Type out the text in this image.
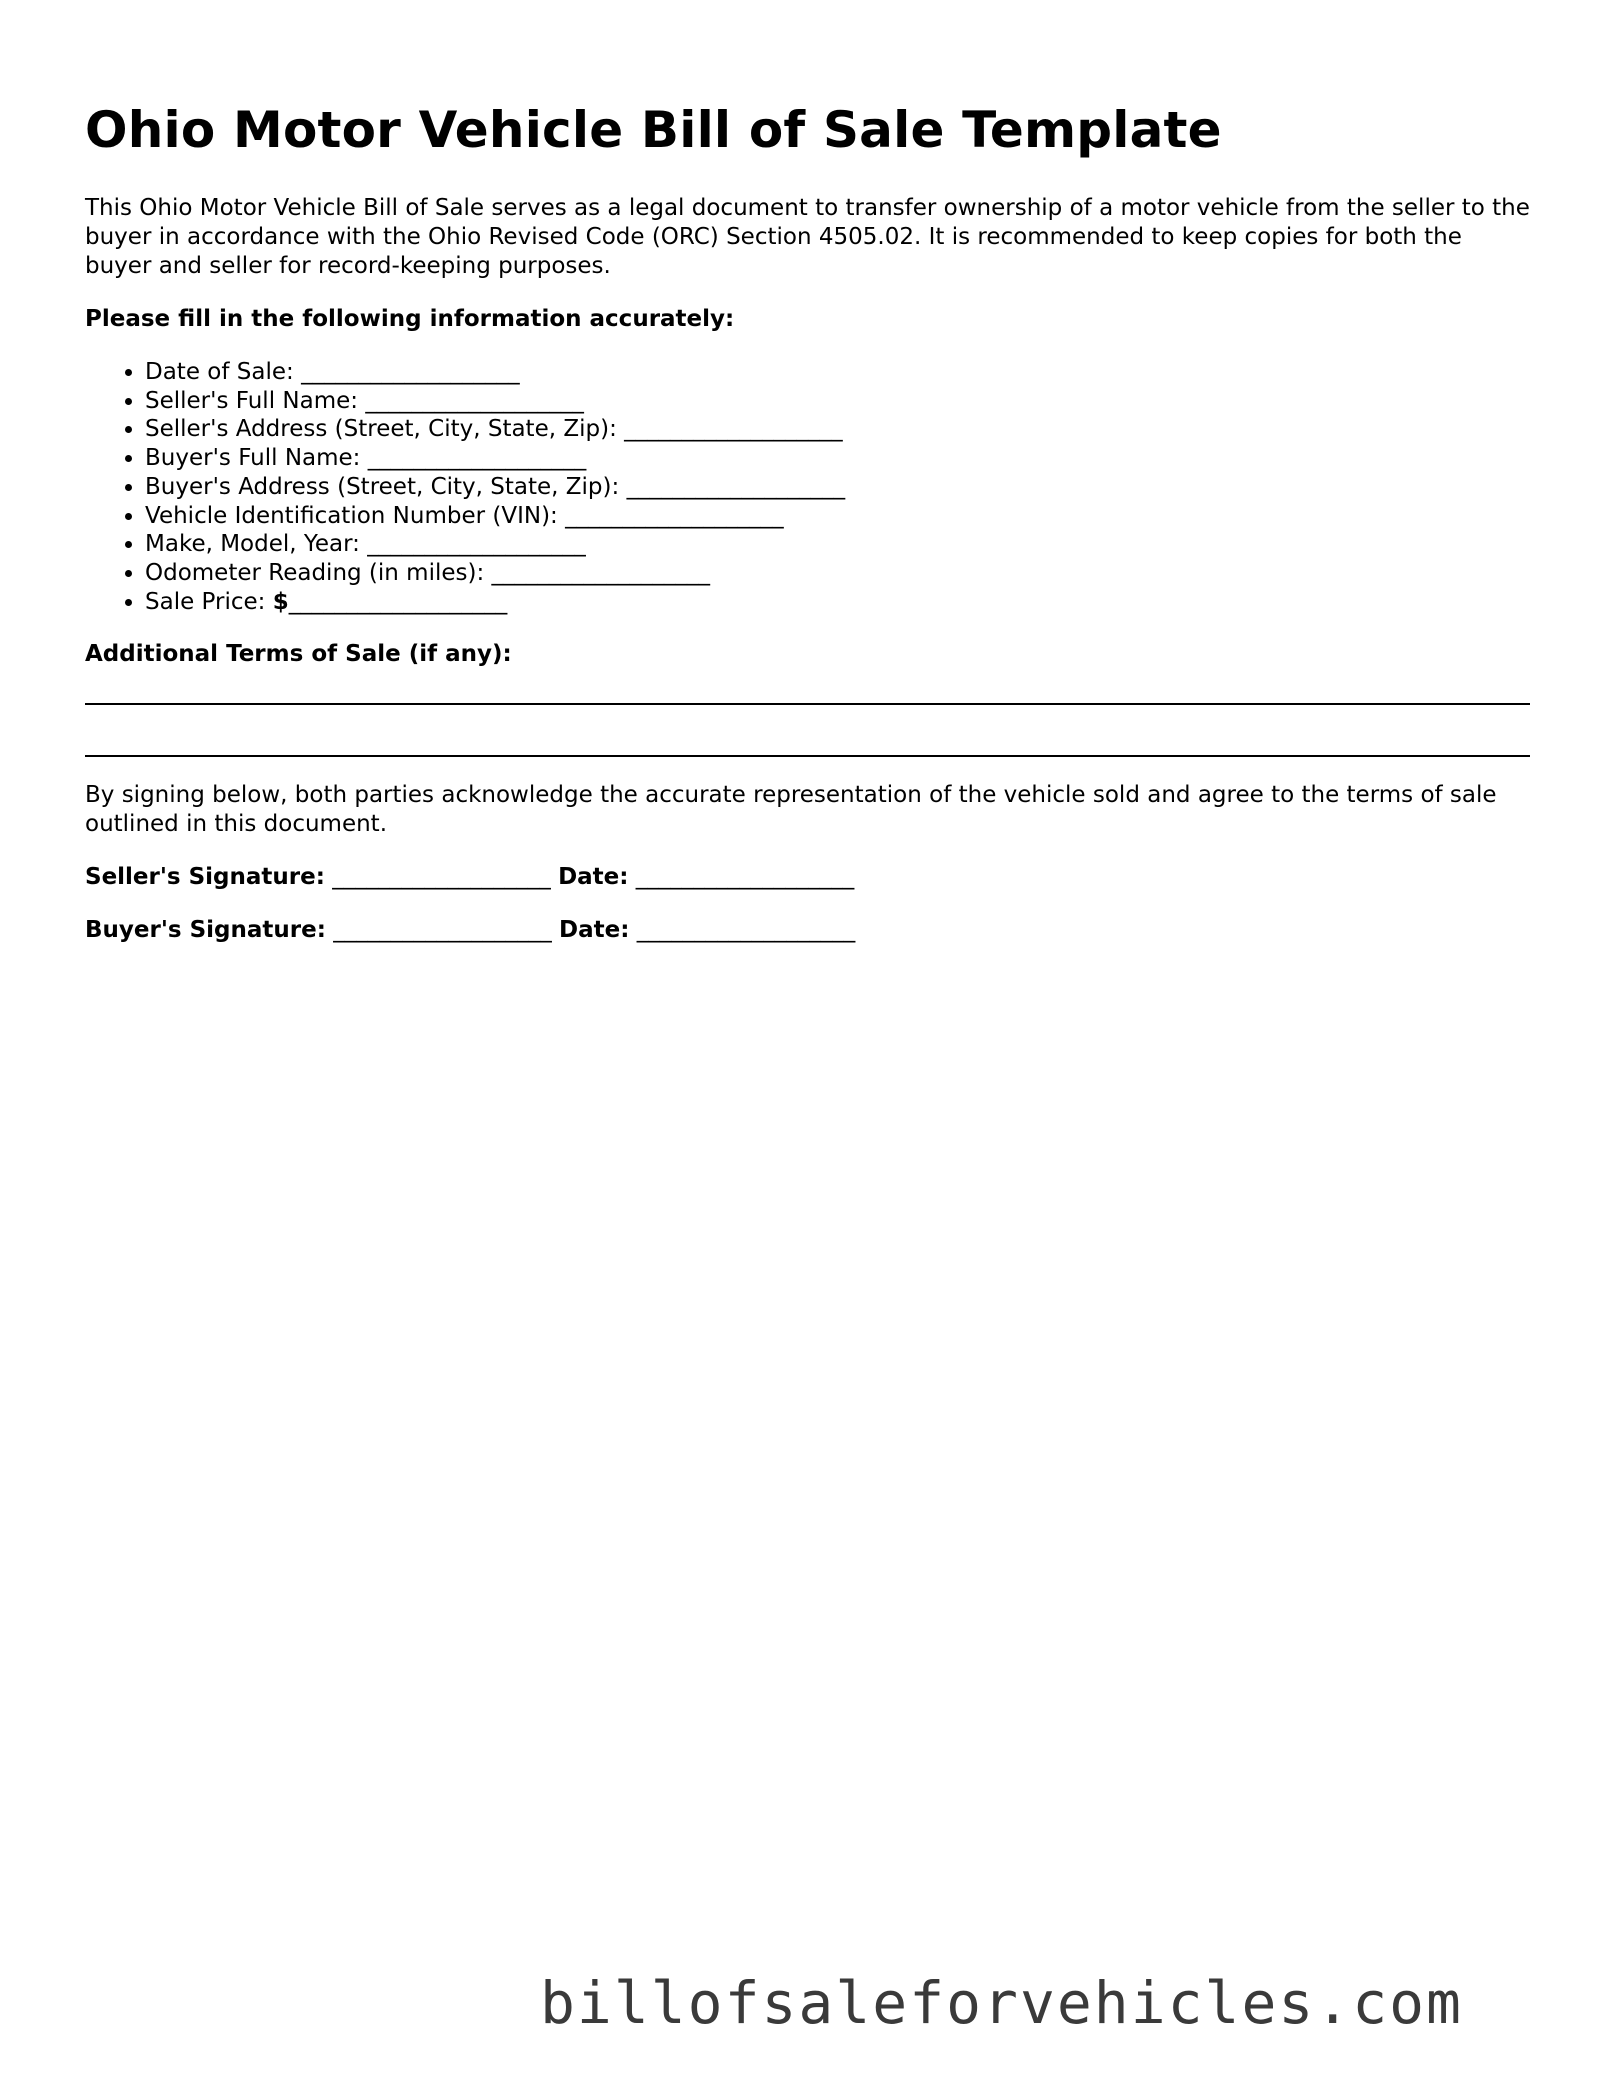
Ohio Motor Vehicle Bill of Sale Template

This Ohio Motor Vehicle Bill of Sale serves as a legal document to transfer ownership of a motor vehicle from the seller to the buyer in accordance with the Ohio Revised Code (ORC) Section 4505.02. It is recommended to keep copies for both the buyer and seller for record-keeping purposes.

Please fill in the following information accurately:
• Date of Sale: ___________________
• Seller's Full Name: ___________________
• Seller's Address (Street, City, State, Zip): ___________________
• Buyer's Full Name: ___________________
• Buyer's Address (Street, City, State, Zip): ___________________
• Vehicle Identification Number (VIN): ___________________
• Make, Model, Year: ___________________
• Odometer Reading (in miles): ___________________
• Sale Price: $___________________
Additional Terms of Sale (if any):

By signing below, both parties acknowledge the accurate representation of the vehicle sold and agree to the terms of sale outlined in this document.

Seller's Signature: ___________________ Date: ___________________
Buyer's Signature: ___________________ Date: ___________________
billofsaleforvehicles.com
